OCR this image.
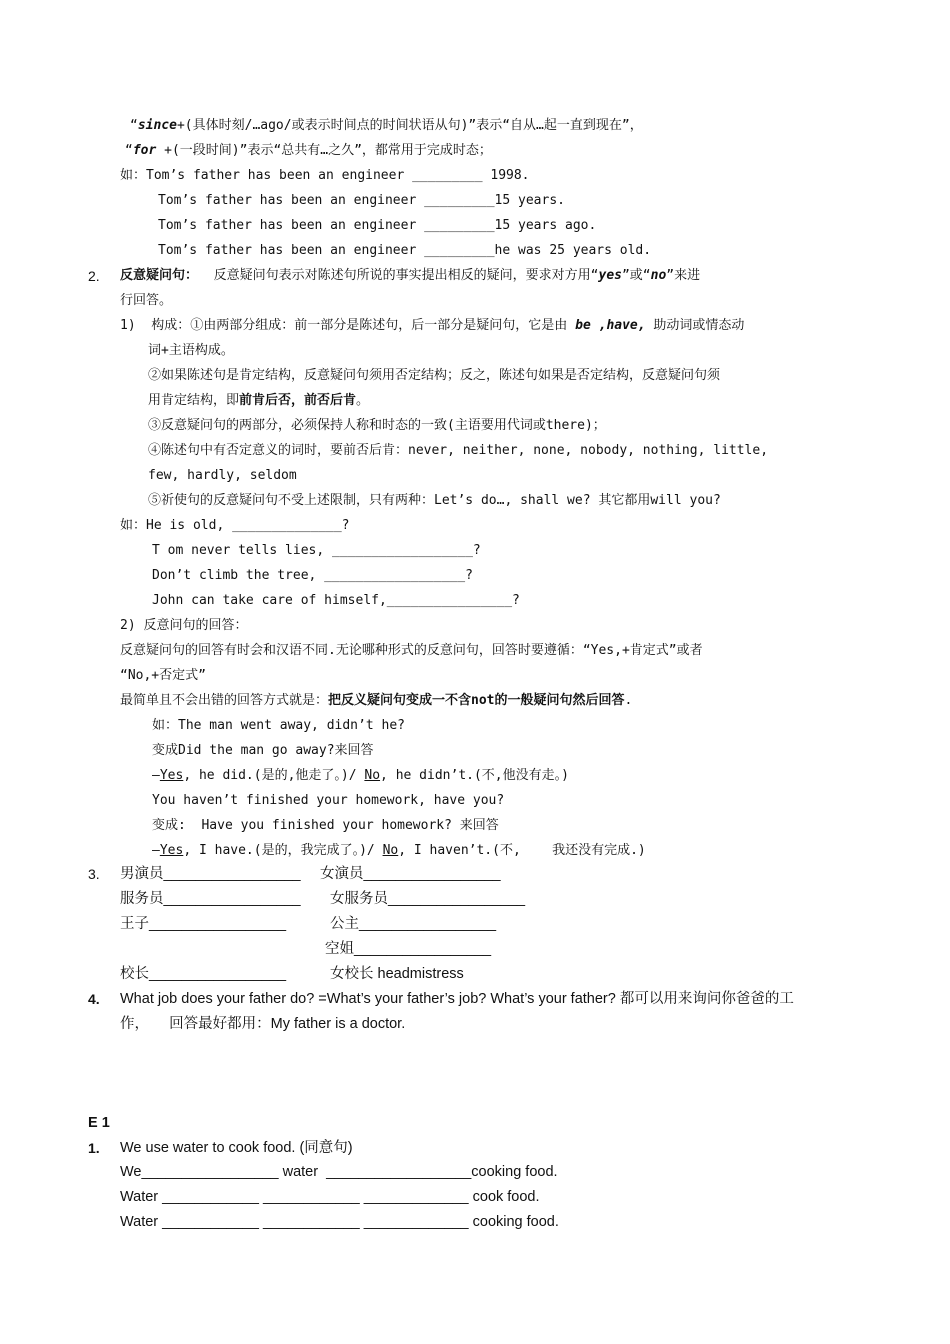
“since+(具体时刻/…ago/或表示时间点的时间状语从句)”表示“自从…起一直到现在”，
“for +(一段时间)”表示“总共有…之久”，都常用于完成时态；
如：Tom’s father has been an engineer _________ 1998.
Tom’s father has been an engineer _________15 years.
Tom’s father has been an engineer _________15 years ago.
Tom’s father has been an engineer _________he was 25 years old.
2. 反意疑问句：  反意疑问句表示对陈述句所说的事实提出相反的疑问，要求对方用“yes”或“no”来进
行回答。
1)  构成：①由两部分组成：前一部分是陈述句，后一部分是疑问句，它是由 be ,have, 助动词或情态动
词+主语构成。
②如果陈述句是肯定结构，反意疑问句须用否定结构；反之，陈述句如果是否定结构，反意疑问句须
用肯定结构，即前肯后否，前否后肯。
③反意疑问句的两部分，必须保持人称和时态的一致(主语要用代词或there)；
④陈述句中有否定意义的词时，要前否后肯：never, neither, none, nobody, nothing, little,
few, hardly, seldom
⑤祈使句的反意疑问句不受上述限制，只有两种：Let’s do…, shall we? 其它都用will you?
如：He is old, ______________?
T om never tells lies, __________________?
Don’t climb the tree, __________________?
John can take care of himself,________________?
2) 反意问句的回答：
反意疑问句的回答有时会和汉语不同.无论哪种形式的反意问句，回答时要遵循：“Yes,+肯定式”或者
“No,+否定式”
最简单且不会出错的回答方式就是：把反义疑问句变成一不含not的一般疑问句然后回答.
如：The man went away, didn’t he?
变成Did the man go away?来回答
—Yes, he did.(是的,他走了。)/ No, he didn’t.(不,他没有走。)
You haven’t finished your homework, have you?
变成:  Have you finished your homework? 来回答
—Yes, I have.(是的，我完成了。)/ No, I haven’t.(不,    我还没有完成.)
3. 男演员_________________ 女演员_________________
服务员_________________ 女服务员_________________
王子_________________	公主_________________
空姐_________________
校长_________________	女校长 headmistress
4. What job does your father do? =What’s your father’s job? What’s your father? 都可以用来询问你爸爸的工
作，     回答最好都用：My father is a doctor.
E 1
1. We use water to cook food. (同意句)
We_________________ water  __________________cooking food.
Water ____________ ____________ _____________ cook food.
Water ____________ ____________ _____________ cooking food.
